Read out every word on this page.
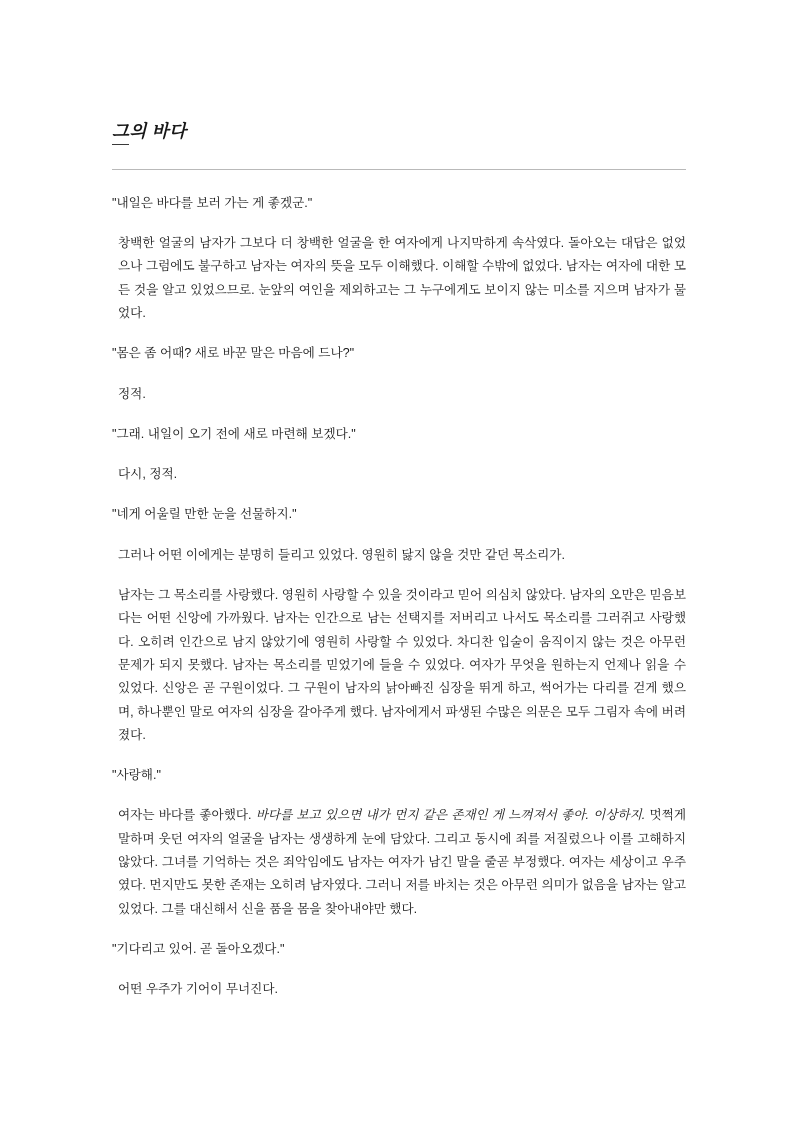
그의 바다

"내일은 바다를 보러 가는 게 좋겠군."

창백한 얼굴의 남자가 그보다 더 창백한 얼굴을 한 여자에게 나지막하게 속삭였다. 돌아오는 대답은 없었으나 그럼에도 불구하고 남자는 여자의 뜻을 모두 이해했다. 이해할 수밖에 없었다. 남자는 여자에 대한 모든 것을 알고 있었으므로. 눈앞의 여인을 제외하고는 그 누구에게도 보이지 않는 미소를 지으며 남자가 물었다.

"몸은 좀 어때? 새로 바꾼 말은 마음에 드나?"

정적.

"그래. 내일이 오기 전에 새로 마련해 보겠다."

다시, 정적.

"네게 어울릴 만한 눈을 선물하지."

그러나 어떤 이에게는 분명히 들리고 있었다. 영원히 닳지 않을 것만 같던 목소리가.

남자는 그 목소리를 사랑했다. 영원히 사랑할 수 있을 것이라고 믿어 의심치 않았다. 남자의 오만은 믿음보다는 어떤 신앙에 가까웠다. 남자는 인간으로 남는 선택지를 저버리고 나서도 목소리를 그러쥐고 사랑했다. 오히려 인간으로 남지 않았기에 영원히 사랑할 수 있었다. 차디찬 입술이 움직이지 않는 것은 아무런 문제가 되지 못했다. 남자는 목소리를 믿었기에 들을 수 있었다. 여자가 무엇을 원하는지 언제나 읽을 수 있었다. 신앙은 곧 구원이었다. 그 구원이 남자의 낡아빠진 심장을 뛰게 하고, 썩어가는 다리를 걷게 했으며, 하나뿐인 말로 여자의 심장을 갈아주게 했다. 남자에게서 파생된 수많은 의문은 모두 그림자 속에 버려졌다.

"사랑해."

여자는 바다를 좋아했다. 바다를 보고 있으면 내가 먼지 같은 존재인 게 느껴져서 좋아. 이상하지. 멋쩍게 말하며 웃던 여자의 얼굴을 남자는 생생하게 눈에 담았다. 그리고 동시에 죄를 저질렀으나 이를 고해하지 않았다. 그녀를 기억하는 것은 죄악임에도 남자는 여자가 남긴 말을 줄곧 부정했다. 여자는 세상이고 우주였다. 먼지만도 못한 존재는 오히려 남자였다. 그러니 저를 바치는 것은 아무런 의미가 없음을 남자는 알고 있었다. 그를 대신해서 신을 품을 몸을 찾아내야만 했다.

"기다리고 있어. 곧 돌아오겠다."

어떤 우주가 기어이 무너진다.
